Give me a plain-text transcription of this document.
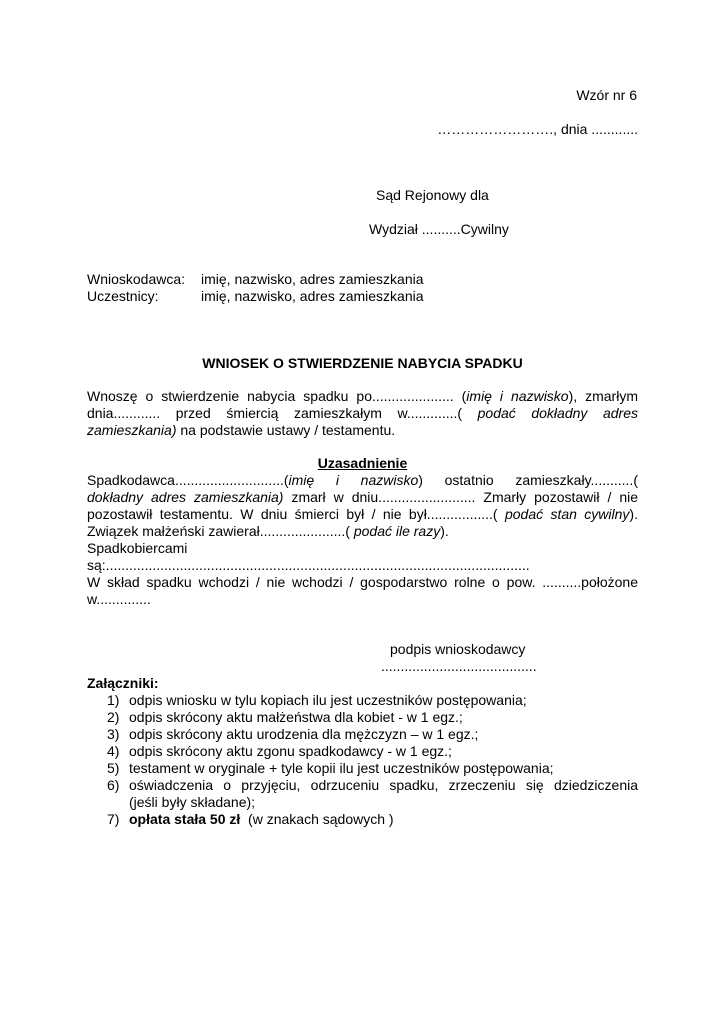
Wzór nr 6
……………………., dnia ............
Sąd Rejonowy dla
Wydział ..........Cywilny
Wnioskodawca: imię, nazwisko, adres zamieszkania
Uczestnicy:	imię, nazwisko, adres zamieszkania
WNIOSEK O STWIERDZENIE NABYCIA SPADKU
Wnoszę o stwierdzenie nabycia spadku po..................... (imię i nazwisko), zmarłym
dnia............ przed śmiercią zamieszkałym w.............( podać dokładny adres
zamieszkania) na podstawie ustawy / testamentu.
Uzasadnienie
Spadkodawca............................(imię i nazwisko) ostatnio zamieszkały...........(
dokładny adres zamieszkania) zmarł w dniu......................... Zmarły pozostawił / nie
pozostawił testamentu. W dniu śmierci był / nie był.................( podać stan cywilny).
Związek małżeński zawierał......................( podać ile razy).
Spadkobiercami
są:.............................................................................................................
W skład spadku wchodzi / nie wchodzi / gospodarstwo rolne o pow. ..........położone
w..............
podpis wnioskodawcy
........................................
Załączniki:
1) odpis wniosku w tylu kopiach ilu jest uczestników postępowania;
2) odpis skrócony aktu małżeństwa dla kobiet - w 1 egz.;
3) odpis skrócony aktu urodzenia dla mężczyzn – w 1 egz.;
4) odpis skrócony aktu zgonu spadkodawcy - w 1 egz.;
5) testament w oryginale + tyle kopii ilu jest uczestników postępowania;
6) oświadczenia o przyjęciu, odrzuceniu spadku, zrzeczeniu się dziedziczenia
(jeśli były składane);
7) opłata stała 50 zł  (w znakach sądowych )
